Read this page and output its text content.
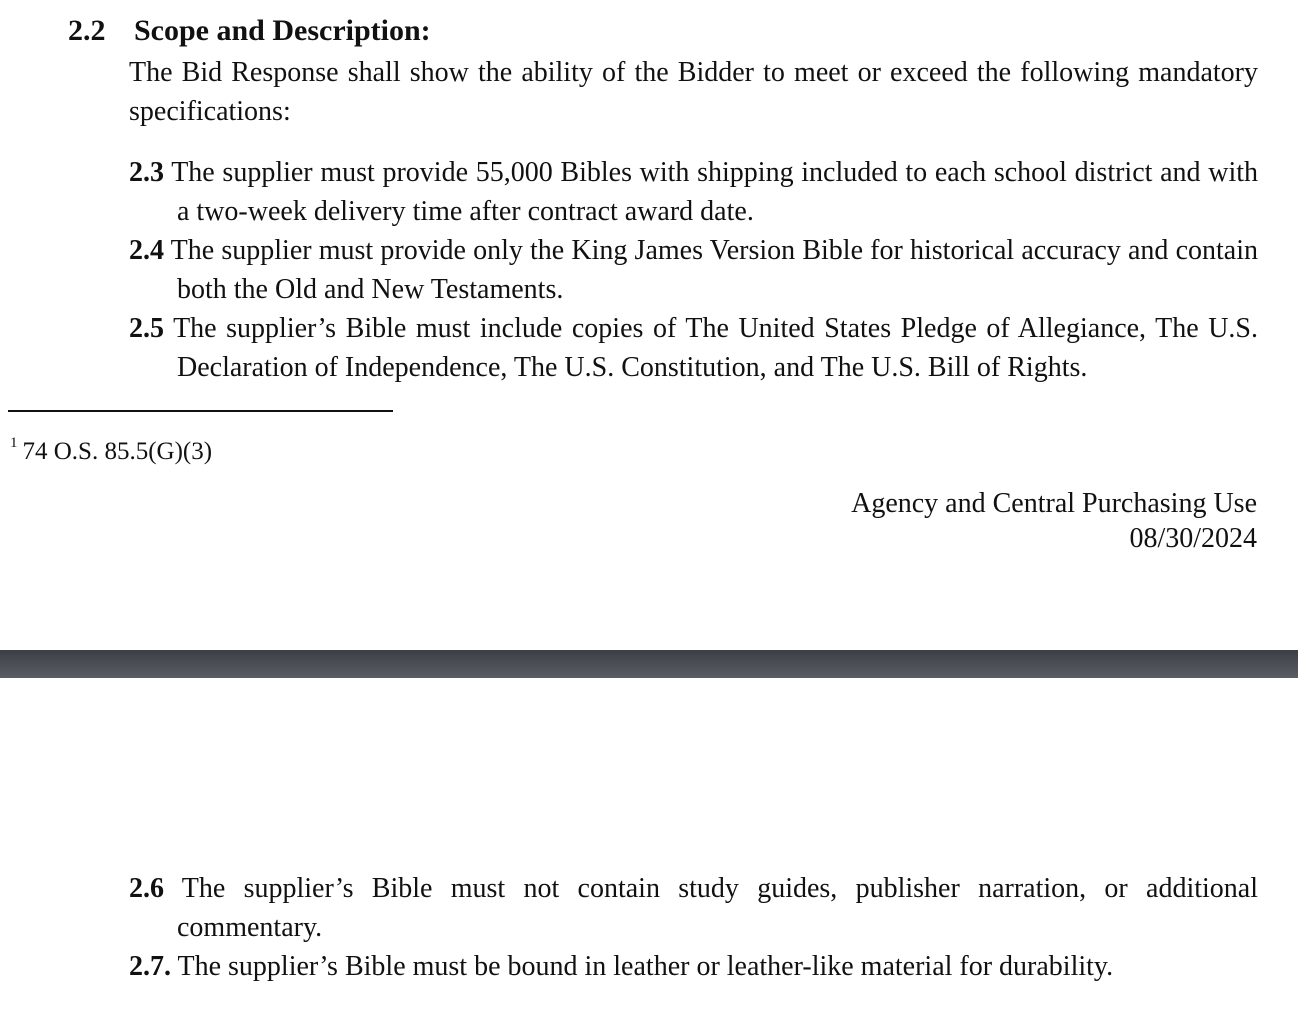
2.2 Scope and Description:

The Bid Response shall show the ability of the Bidder to meet or exceed the following mandatory specifications:

2.3 The supplier must provide 55,000 Bibles with shipping included to each school district and with a two-week delivery time after contract award date.
2.4 The supplier must provide only the King James Version Bible for historical accuracy and contain both the Old and New Testaments.
2.5 The supplier’s Bible must include copies of The United States Pledge of Allegiance, The U.S. Declaration of Independence, The U.S. Constitution, and The U.S. Bill of Rights.
$^1$ 74 O.S. 85.5(G)(3)
Agency and Central Purchasing Use
08/30/2024
2.6 The supplier’s Bible must not contain study guides, publisher narration, or additional commentary.
2.7. The supplier’s Bible must be bound in leather or leather-like material for durability.
